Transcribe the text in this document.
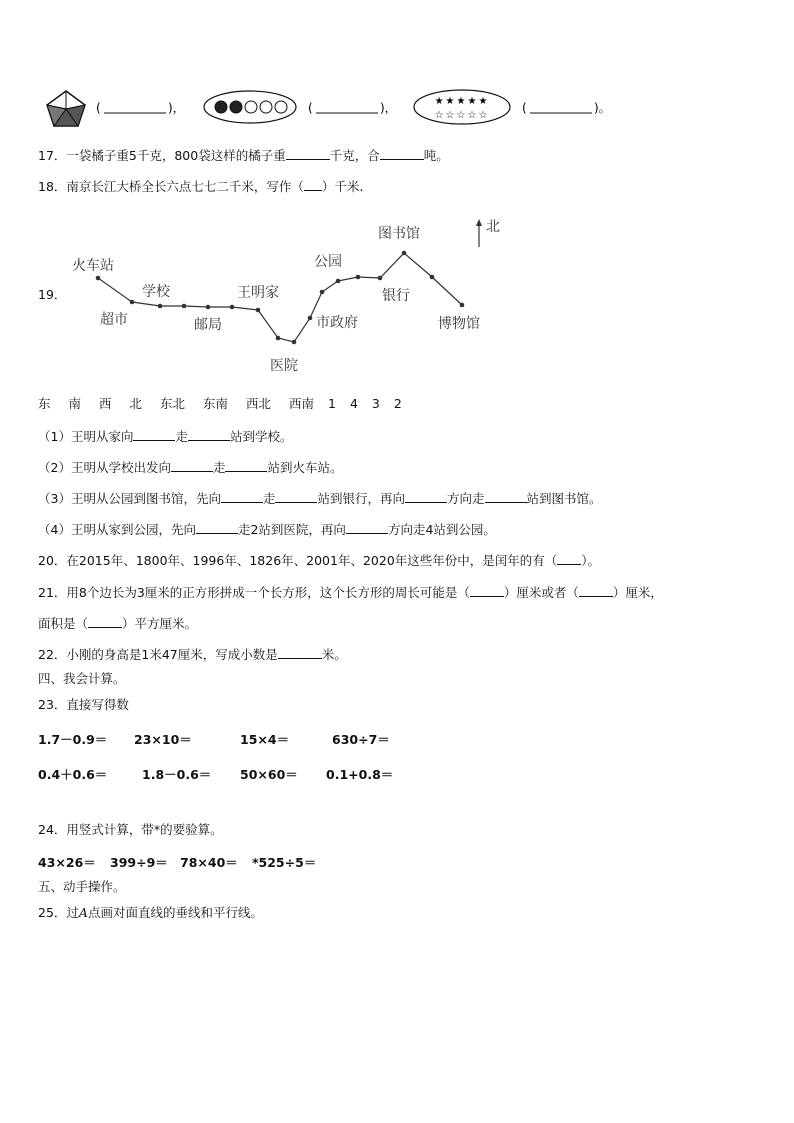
★★★★★
☆☆☆☆☆
(	)，	(	)，	(	)。
17．一袋橘子重5千克，800袋这样的橘子重	千克，合	吨。
18．南京长江大桥全长六点七七二千米，写作（ ）千米.
19．
火车站
超市
学校
邮局
王明家
医院
市政府
公园
银行
图书馆
博物馆
北
东 南 西 北 东北 东南 西北 西南 1 4 3 2
（1）王明从家向	走	站到学校。
（2）王明从学校出发向	走	站到火车站。
（3）王明从公园到图书馆，先向	走	站到银行，再向	方向走	站到图书馆。
（4）王明从家到公园，先向	走2站到医院，再向	方向走4站到公园。
20．在2015年、1800年、1996年、1826年、2001年、2020年这些年份中，是闰年的有（ ）。
21．用8个边长为3厘米的正方形拼成一个长方形，这个长方形的周长可能是（	）厘米或者（	）厘米，
面积是（	）平方厘米。
22．小刚的身高是1米47厘米，写成小数是	米。
四、我会计算。
23．直接写得数
1.7－0.9＝ 23×10＝	15×4＝	630÷7＝
0.4＋0.6＝	1.8－0.6＝ 50×60＝ 0.1+0.8＝
24．用竖式计算，带*的要验算。
43×26＝ 399÷9＝ 78×40＝ *525÷5＝
五、动手操作。
25．过A点画对面直线的垂线和平行线。
